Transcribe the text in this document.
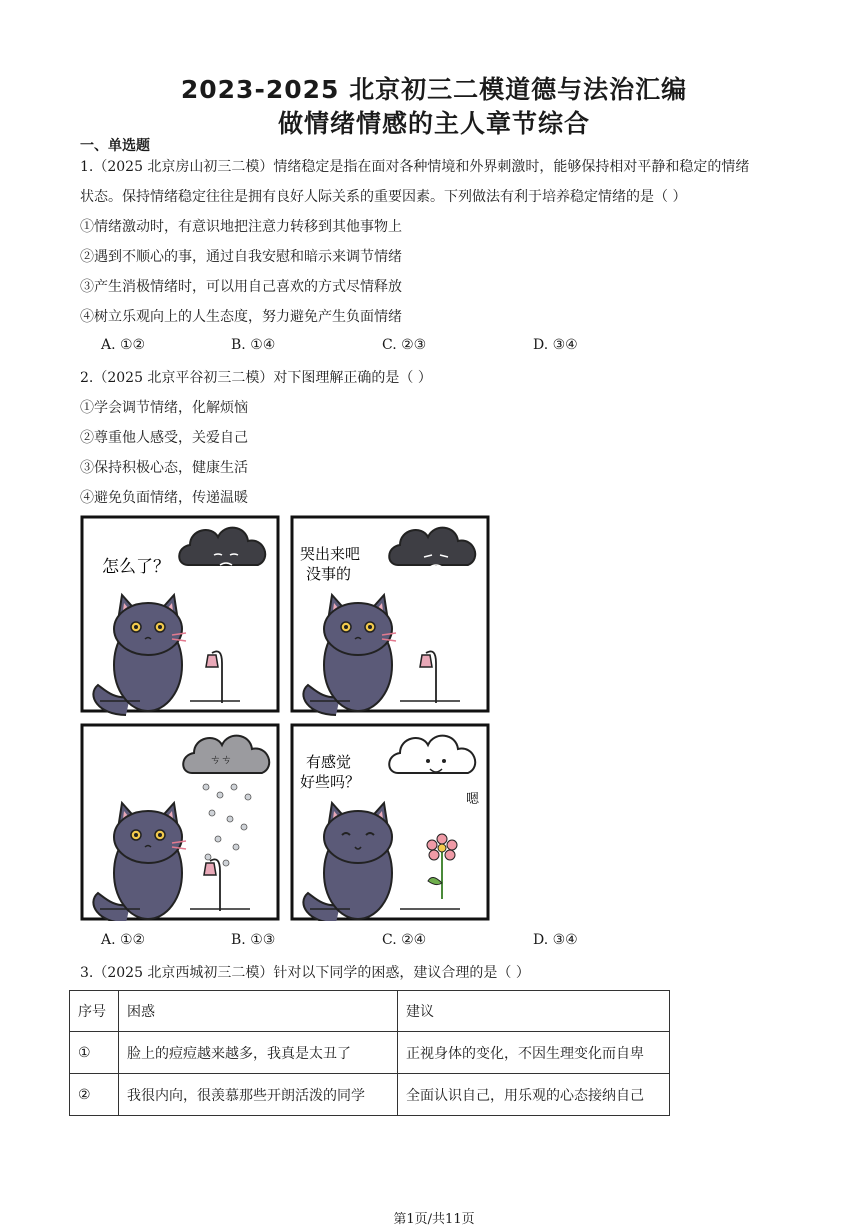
2023-2025 北京初三二模道德与法治汇编
做情绪情感的主人章节综合
一、单选题
1.（2025 北京房山初三二模）情绪稳定是指在面对各种情境和外界刺激时，能够保持相对平静和稳定的情绪
状态。保持情绪稳定往往是拥有良好人际关系的重要因素。下列做法有利于培养稳定情绪的是（ ）
①情绪激动时，有意识地把注意力转移到其他事物上
②遇到不顺心的事，通过自我安慰和暗示来调节情绪
③产生消极情绪时，可以用自己喜欢的方式尽情释放
④树立乐观向上的人生态度，努力避免产生负面情绪
A. ①②	B. ①④	C. ②③	D. ③④
2.（2025 北京平谷初三二模）对下图理解正确的是（ ）
①学会调节情绪，化解烦恼
②尊重他人感受，关爱自己
③保持积极心态，健康生活
④避免负面情绪，传递温暖
怎么了？
哭出来吧
没事的
ㄘㄘ	有感觉
好些吗？
嗯
A. ①②	B. ①③	C. ②④	D. ③④
3.（2025 北京西城初三二模）针对以下同学的困惑，建议合理的是（ ）
序号	困惑	建议
①	脸上的痘痘越来越多，我真是太丑了	正视身体的变化，不因生理变化而自卑
②	我很内向，很羡慕那些开朗活泼的同学	全面认识自己，用乐观的心态接纳自己
第1页/共11页
